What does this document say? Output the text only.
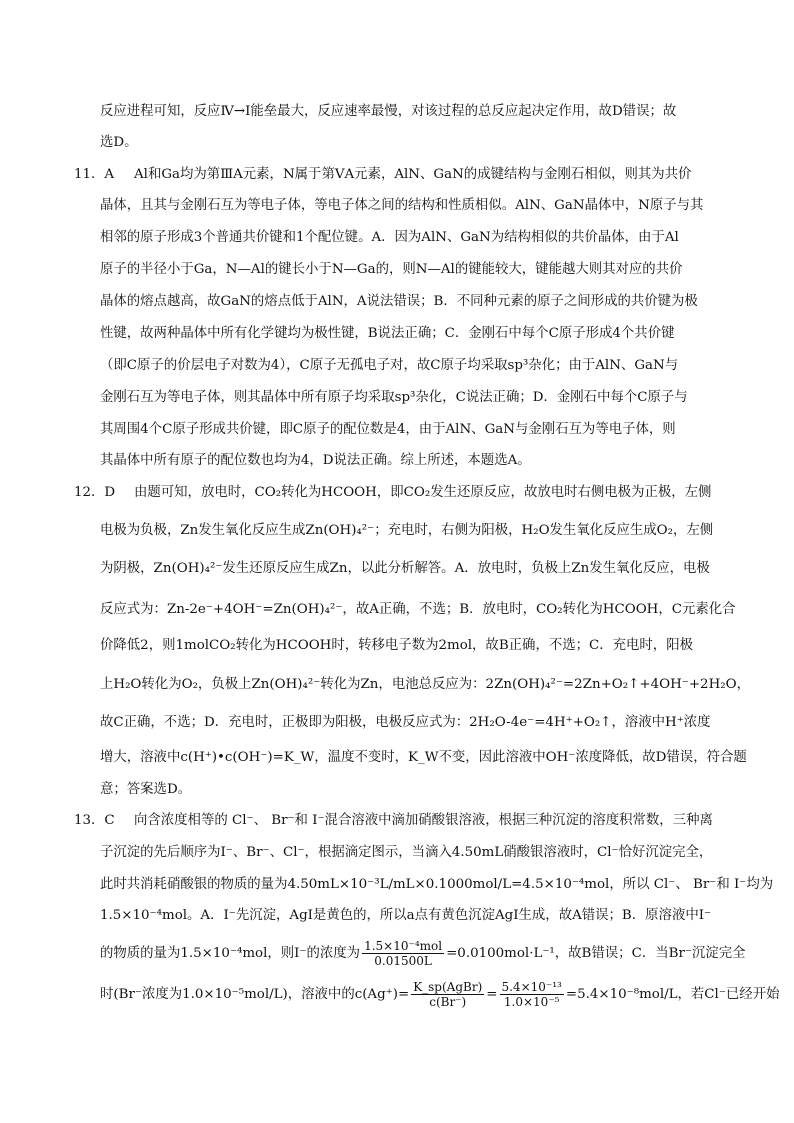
反应进程可知，反应Ⅳ→Ⅰ能垒最大，反应速率最慢，对该过程的总反应起决定作用，故D错误；故
选D。
11．A Al和Ga均为第ⅢA元素，N属于第ⅤA元素，AlN、GaN的成键结构与金刚石相似，则其为共价
晶体，且其与金刚石互为等电子体，等电子体之间的结构和性质相似。AlN、GaN晶体中，N原子与其
相邻的原子形成3个普通共价键和1个配位键。A．因为AlN、GaN为结构相似的共价晶体，由于Al
原子的半径小于Ga，N—Al的键长小于N—Ga的，则N—Al的键能较大，键能越大则其对应的共价
晶体的熔点越高，故GaN的熔点低于AlN，A说法错误；B．不同种元素的原子之间形成的共价键为极
性键，故两种晶体中所有化学键均为极性键，B说法正确；C．金刚石中每个C原子形成4个共价键
（即C原子的价层电子对数为4），C原子无孤电子对，故C原子均采取sp³杂化；由于AlN、GaN与
金刚石互为等电子体，则其晶体中所有原子均采取sp³杂化，C说法正确；D．金刚石中每个C原子与
其周围4个C原子形成共价键，即C原子的配位数是4，由于AlN、GaN与金刚石互为等电子体，则
其晶体中所有原子的配位数也均为4，D说法正确。综上所述，本题选A。
12．D 由题可知，放电时，CO₂转化为HCOOH，即CO₂发生还原反应，故放电时右侧电极为正极，左侧
电极为负极，Zn发生氧化反应生成Zn(OH)₄²⁻；充电时，右侧为阳极，H₂O发生氧化反应生成O₂，左侧
为阴极，Zn(OH)₄²⁻发生还原反应生成Zn，以此分析解答。A．放电时，负极上Zn发生氧化反应，电极
反应式为：Zn-2e⁻+4OH⁻=Zn(OH)₄²⁻，故A正确，不选；B．放电时，CO₂转化为HCOOH，C元素化合
价降低2，则1molCO₂转化为HCOOH时，转移电子数为2mol，故B正确，不选；C．充电时，阳极
上H₂O转化为O₂，负极上Zn(OH)₄²⁻转化为Zn，电池总反应为：2Zn(OH)₄²⁻=2Zn+O₂↑+4OH⁻+2H₂O，
故C正确，不选；D．充电时，正极即为阳极，电极反应式为：2H₂O-4e⁻=4H⁺+O₂↑，溶液中H⁺浓度
增大，溶液中c(H⁺)•c(OH⁻)=K_W，温度不变时，K_W不变，因此溶液中OH⁻浓度降低，故D错误，符合题
意；答案选D。
13．C 向含浓度相等的 Cl⁻、 Br⁻和 I⁻混合溶液中滴加硝酸银溶液，根据三种沉淀的溶度积常数，三种离
子沉淀的先后顺序为I⁻、Br⁻、Cl⁻，根据滴定图示，当滴入4.50mL硝酸银溶液时，Cl⁻恰好沉淀完全，
此时共消耗硝酸银的物质的量为4.50mL×10⁻³L/mL×0.1000mol/L=4.5×10⁻⁴mol，所以 Cl⁻、 Br⁻和 I⁻均为
1.5×10⁻⁴mol。A．I⁻先沉淀，AgI是黄色的，所以a点有黄色沉淀AgI生成，故A错误；B．原溶液中I⁻
的物质的量为1.5×10⁻⁴mol，则I⁻的浓度为 $\frac{\text{1.5×10⁻⁴mol}}{0.01500L} =0.0100mol\cdot L^{-1}$，故B错误；C．当Br⁻沉淀完全
时(Br⁻浓度为1.0×10⁻⁵mol/L)，溶液中的$c(Ag^+)= \frac{\text{K\_sp(AgBr)}}{c(Br^-)} = \frac{\text{5.4×10⁻¹³}}{\text{1.0×10⁻⁵}} =5.4\times 10^{-8}mol/L$，若Cl⁻已经开始
